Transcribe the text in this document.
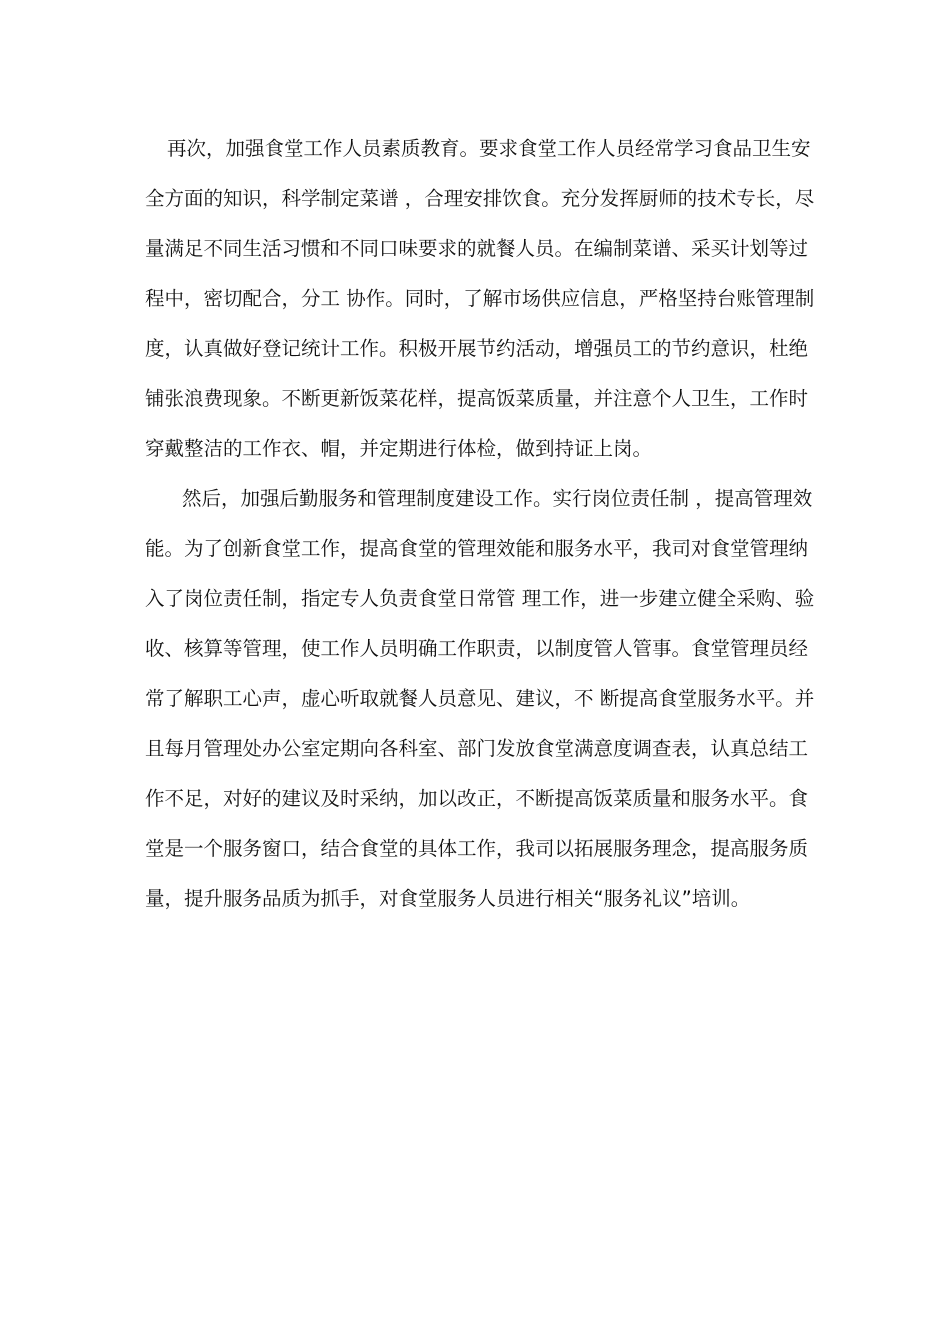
再次，加强食堂工作人员素质教育。要求食堂工作人员经常学习食品卫生安
全方面的知识，科学制定菜谱 ，合理安排饮食。充分发挥厨师的技术专长，尽
量满足不同生活习惯和不同口味要求的就餐人员。在编制菜谱、采买计划等过
程中，密切配合，分工 协作。同时，了解市场供应信息，严格坚持台账管理制
度，认真做好登记统计工作。积极开展节约活动，增强员工的节约意识，杜绝
铺张浪费现象。不断更新饭菜花样，提高饭菜质量，并注意个人卫生，工作时
穿戴整洁的工作衣、帽，并定期进行体检，做到持证上岗。
然后，加强后勤服务和管理制度建设工作。实行岗位责任制 ，提高管理效
能。为了创新食堂工作，提高食堂的管理效能和服务水平，我司对食堂管理纳
入了岗位责任制，指定专人负责食堂日常管 理工作，进一步建立健全采购、验
收、核算等管理，使工作人员明确工作职责，以制度管人管事。食堂管理员经
常了解职工心声，虚心听取就餐人员意见、建议，不 断提高食堂服务水平。并
且每月管理处办公室定期向各科室、部门发放食堂满意度调查表，认真总结工
作不足，对好的建议及时采纳，加以改正，不断提高饭菜质量和服务水平。食
堂是一个服务窗口，结合食堂的具体工作，我司以拓展服务理念，提高服务质
量，提升服务品质为抓手，对食堂服务人员进行相关“服务礼议”培训。
